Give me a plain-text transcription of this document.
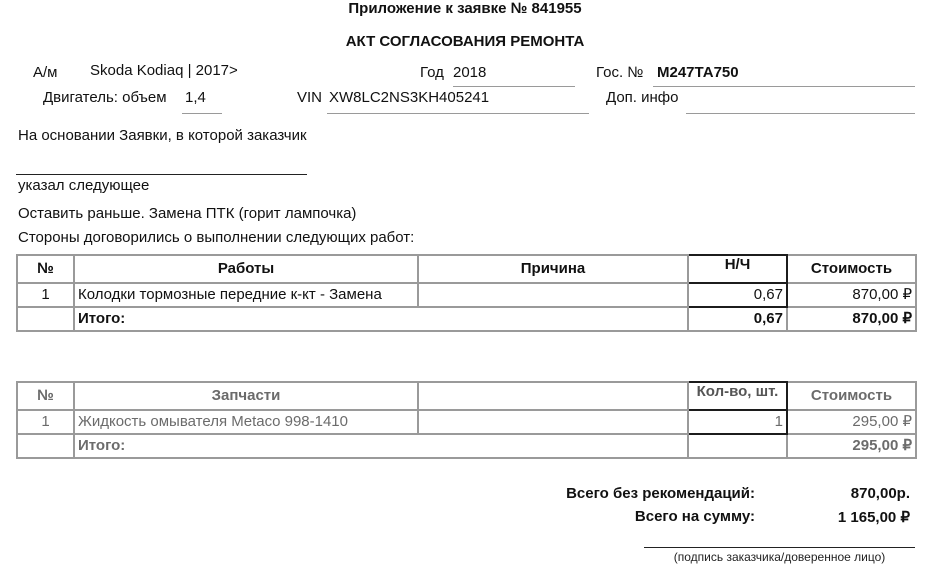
Приложение к заявке № 841955
АКТ СОГЛАСОВАНИЯ РЕМОНТА
А/м Skoda Kodiaq | 2017>	Год 2018	Гос. № М247ТА750
Двигатель: объем 1,4	VIN XW8LC2NS3KH405241	Доп. инфо
На основании Заявки, в которой заказчик
указал следующее
Оставить раньше. Замена ПТК (горит лампочка)
Стороны договорились о выполнении следующих работ:
№	Работы	Причина	Н/Ч	Стоимость
1	Колодки тормозные передние к-кт - Замена		0,67	870,00 ₽
	Итого:		0,67	870,00 ₽
№	Запчасти		Кол-во, шт.	Стоимость
1	Жидкость омывателя Metaco 998-1410		1	295,00 ₽
	Итого:			295,00 ₽
Всего без рекомендаций:	870,00р.
Всего на сумму:	1 165,00 ₽
(подпись заказчика/доверенное лицо)
